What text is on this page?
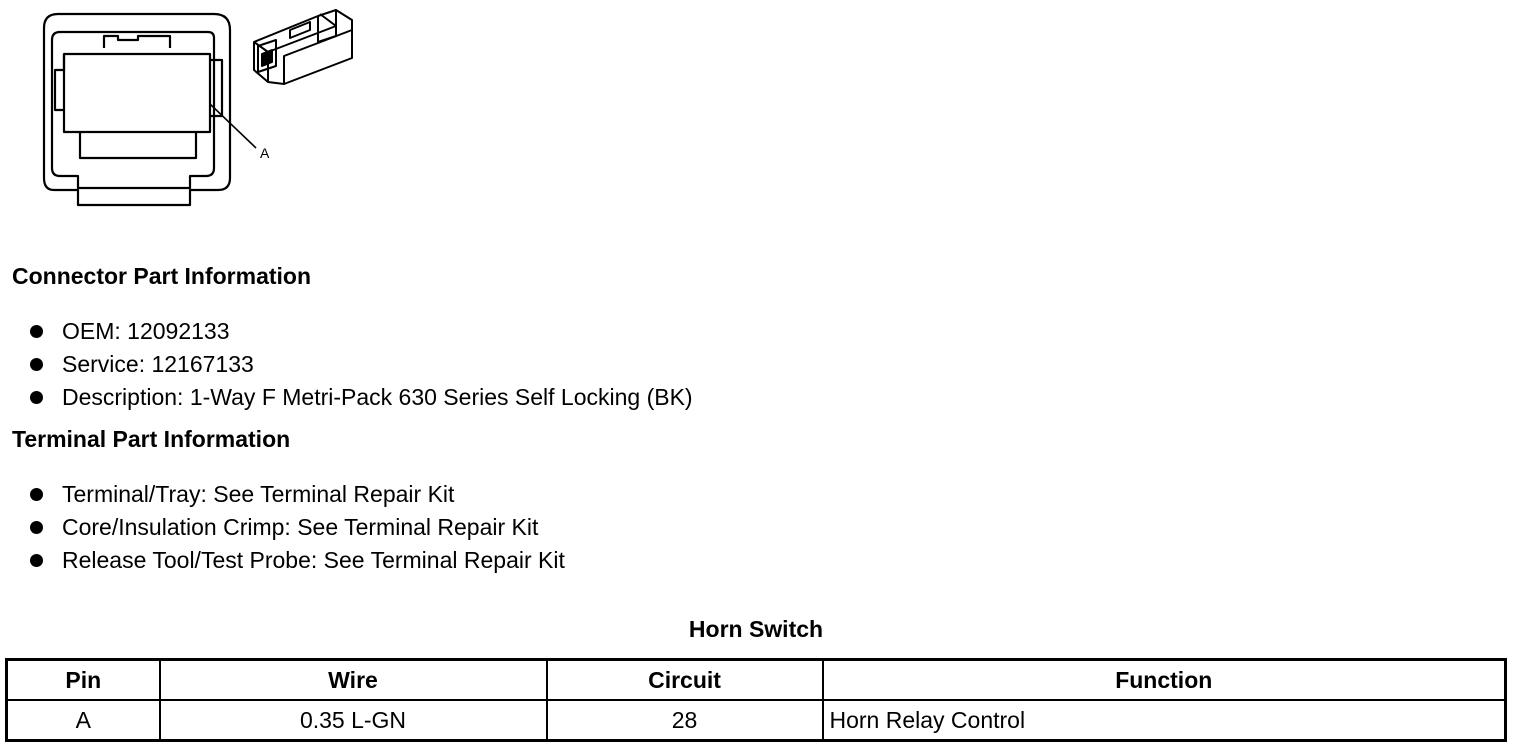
A
Connector Part Information
OEM: 12092133
Service: 12167133
Description: 1-Way F Metri-Pack 630 Series Self Locking (BK)
Terminal Part Information
Terminal/Tray: See Terminal Repair Kit
Core/Insulation Crimp: See Terminal Repair Kit
Release Tool/Test Probe: See Terminal Repair Kit
Horn Switch
Pin	Wire	Circuit	Function
A	0.35 L-GN	28	Horn Relay Control
